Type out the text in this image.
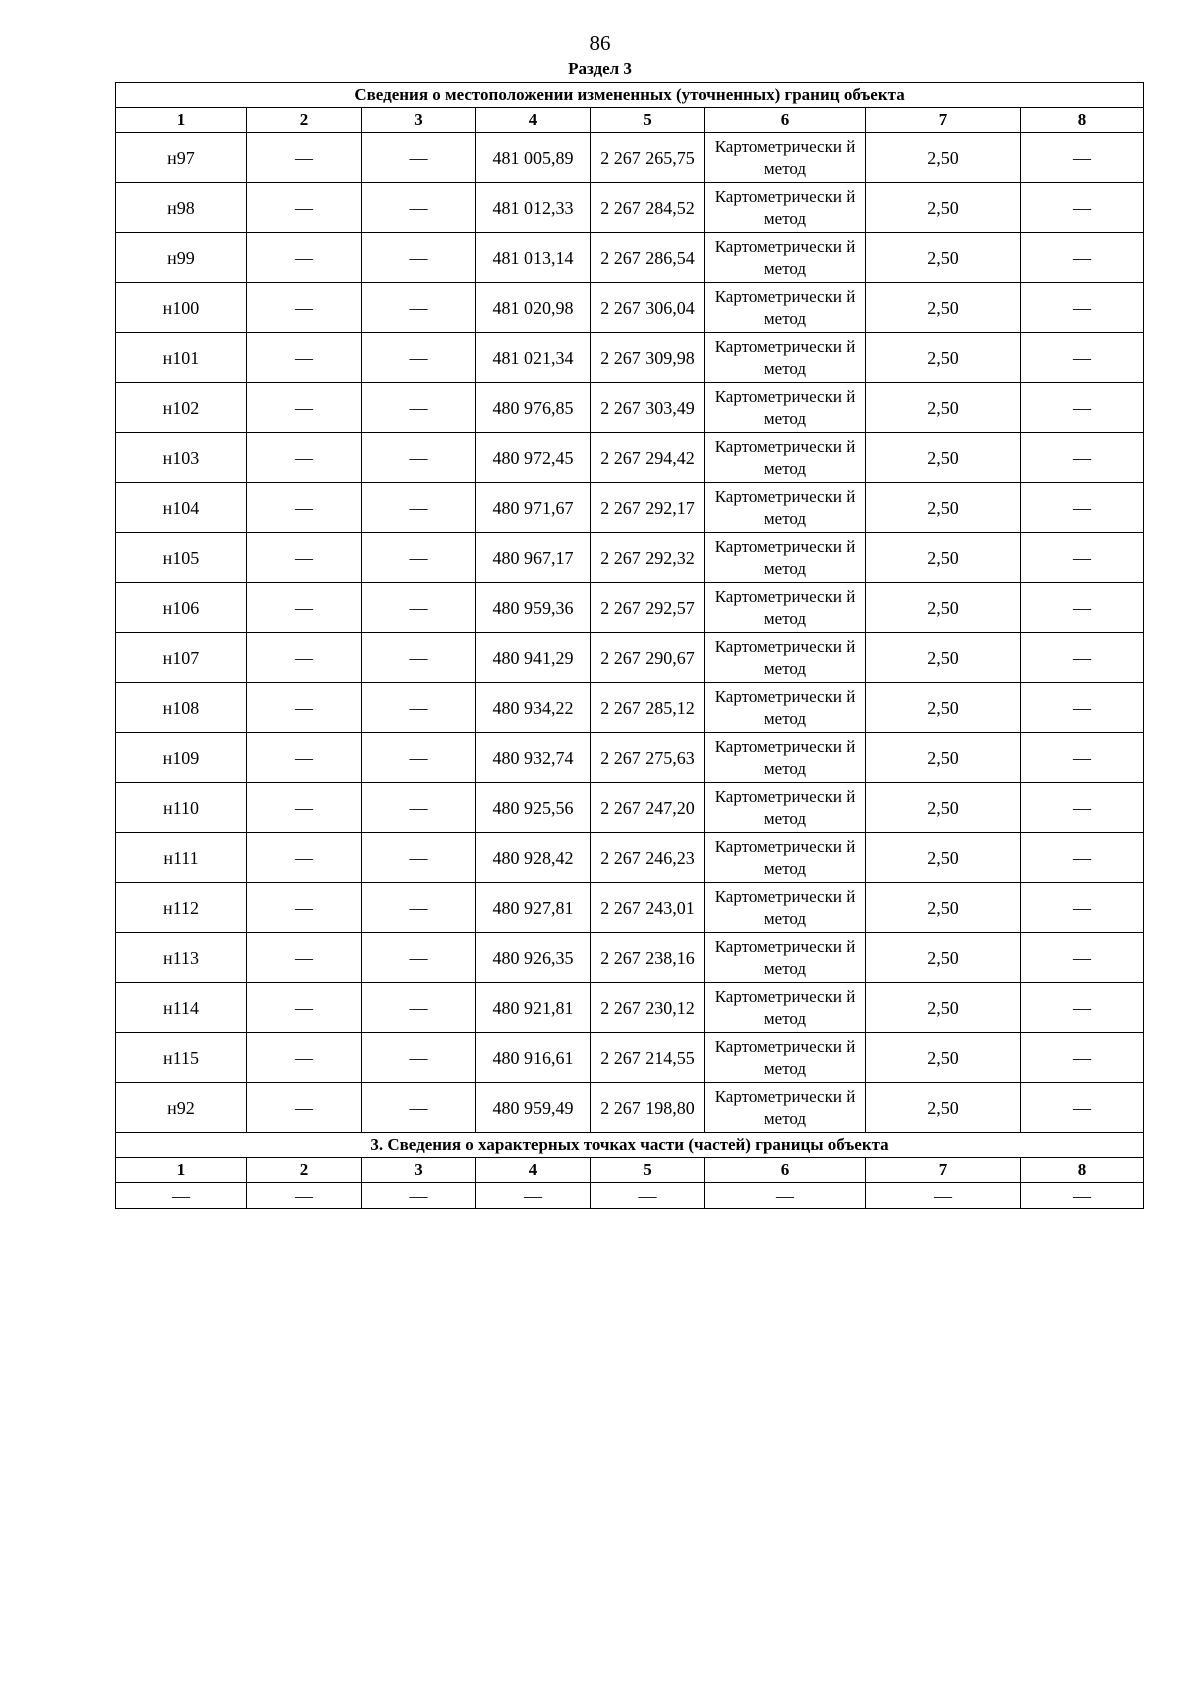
86
Раздел 3
Сведения о местоположении измененных (уточненных) границ объекта							
1	2	3	4	5	6	7	8
н97	—	—	481 005,89	2 267 265,75	Картометрически й метод	2,50	—
н98	—	—	481 012,33	2 267 284,52	Картометрически й метод	2,50	—
н99	—	—	481 013,14	2 267 286,54	Картометрически й метод	2,50	—
н100	—	—	481 020,98	2 267 306,04	Картометрически й метод	2,50	—
н101	—	—	481 021,34	2 267 309,98	Картометрически й метод	2,50	—
н102	—	—	480 976,85	2 267 303,49	Картометрически й метод	2,50	—
н103	—	—	480 972,45	2 267 294,42	Картометрически й метод	2,50	—
н104	—	—	480 971,67	2 267 292,17	Картометрически й метод	2,50	—
н105	—	—	480 967,17	2 267 292,32	Картометрически й метод	2,50	—
н106	—	—	480 959,36	2 267 292,57	Картометрически й метод	2,50	—
н107	—	—	480 941,29	2 267 290,67	Картометрически й метод	2,50	—
н108	—	—	480 934,22	2 267 285,12	Картометрически й метод	2,50	—
н109	—	—	480 932,74	2 267 275,63	Картометрически й метод	2,50	—
н110	—	—	480 925,56	2 267 247,20	Картометрически й метод	2,50	—
н111	—	—	480 928,42	2 267 246,23	Картометрически й метод	2,50	—
н112	—	—	480 927,81	2 267 243,01	Картометрически й метод	2,50	—
н113	—	—	480 926,35	2 267 238,16	Картометрически й метод	2,50	—
н114	—	—	480 921,81	2 267 230,12	Картометрически й метод	2,50	—
н115	—	—	480 916,61	2 267 214,55	Картометрически й метод	2,50	—
н92	—	—	480 959,49	2 267 198,80	Картометрически й метод	2,50	—
3. Сведения о характерных точках части (частей) границы объекта							
1	2	3	4	5	6	7	8
—	—	—	—	—	—	—	—
